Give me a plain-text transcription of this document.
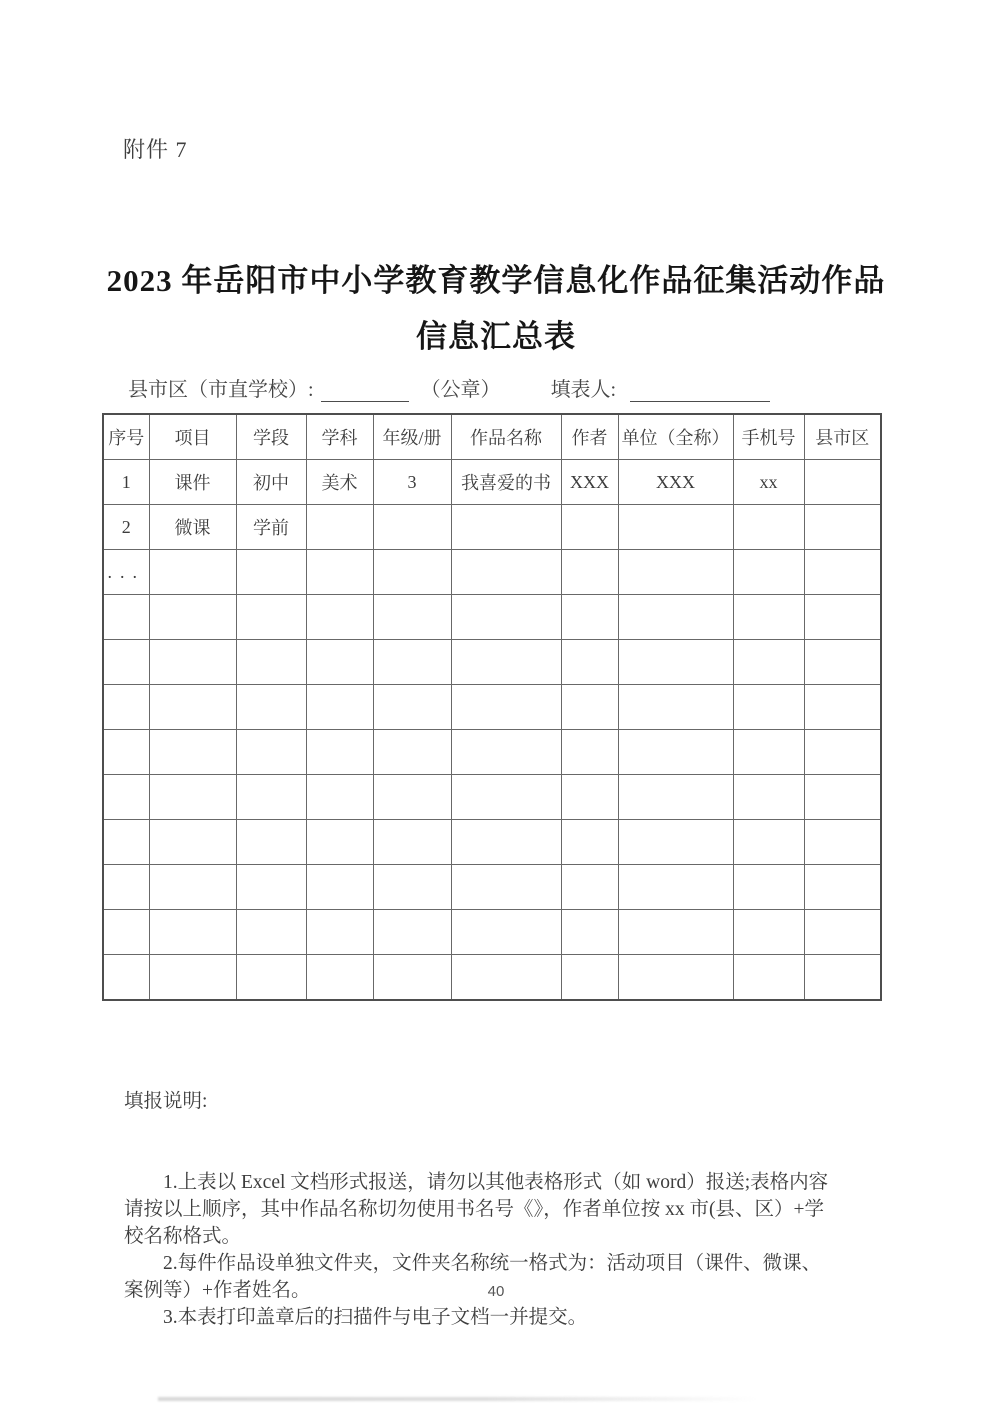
附件 7
2023 年岳阳市中小学教育教学信息化作品征集活动作品
信息汇总表
县市区（市直学校）:	（公章）	填表人:
序号	项目	学段	学科	年级/册	作品名称	作者	单位（全称）	手机号	县市区
1	课件	初中	美术	3	我喜爱的书	XXX	XXX	xx	
2	微课	学前							
...									

填报说明:

　　1.上表以 Excel 文档形式报送，请勿以其他表格形式（如 word）报送;表格内容
请按以上顺序，其中作品名称切勿使用书名号《》，作者单位按 xx 市(县、区）+学
校名称格式。
　　2.每件作品设单独文件夹，文件夹名称统一格式为：活动项目（课件、微课、
案例等）+作者姓名。
　　3.本表打印盖章后的扫描件与电子文档一并提交。

40
